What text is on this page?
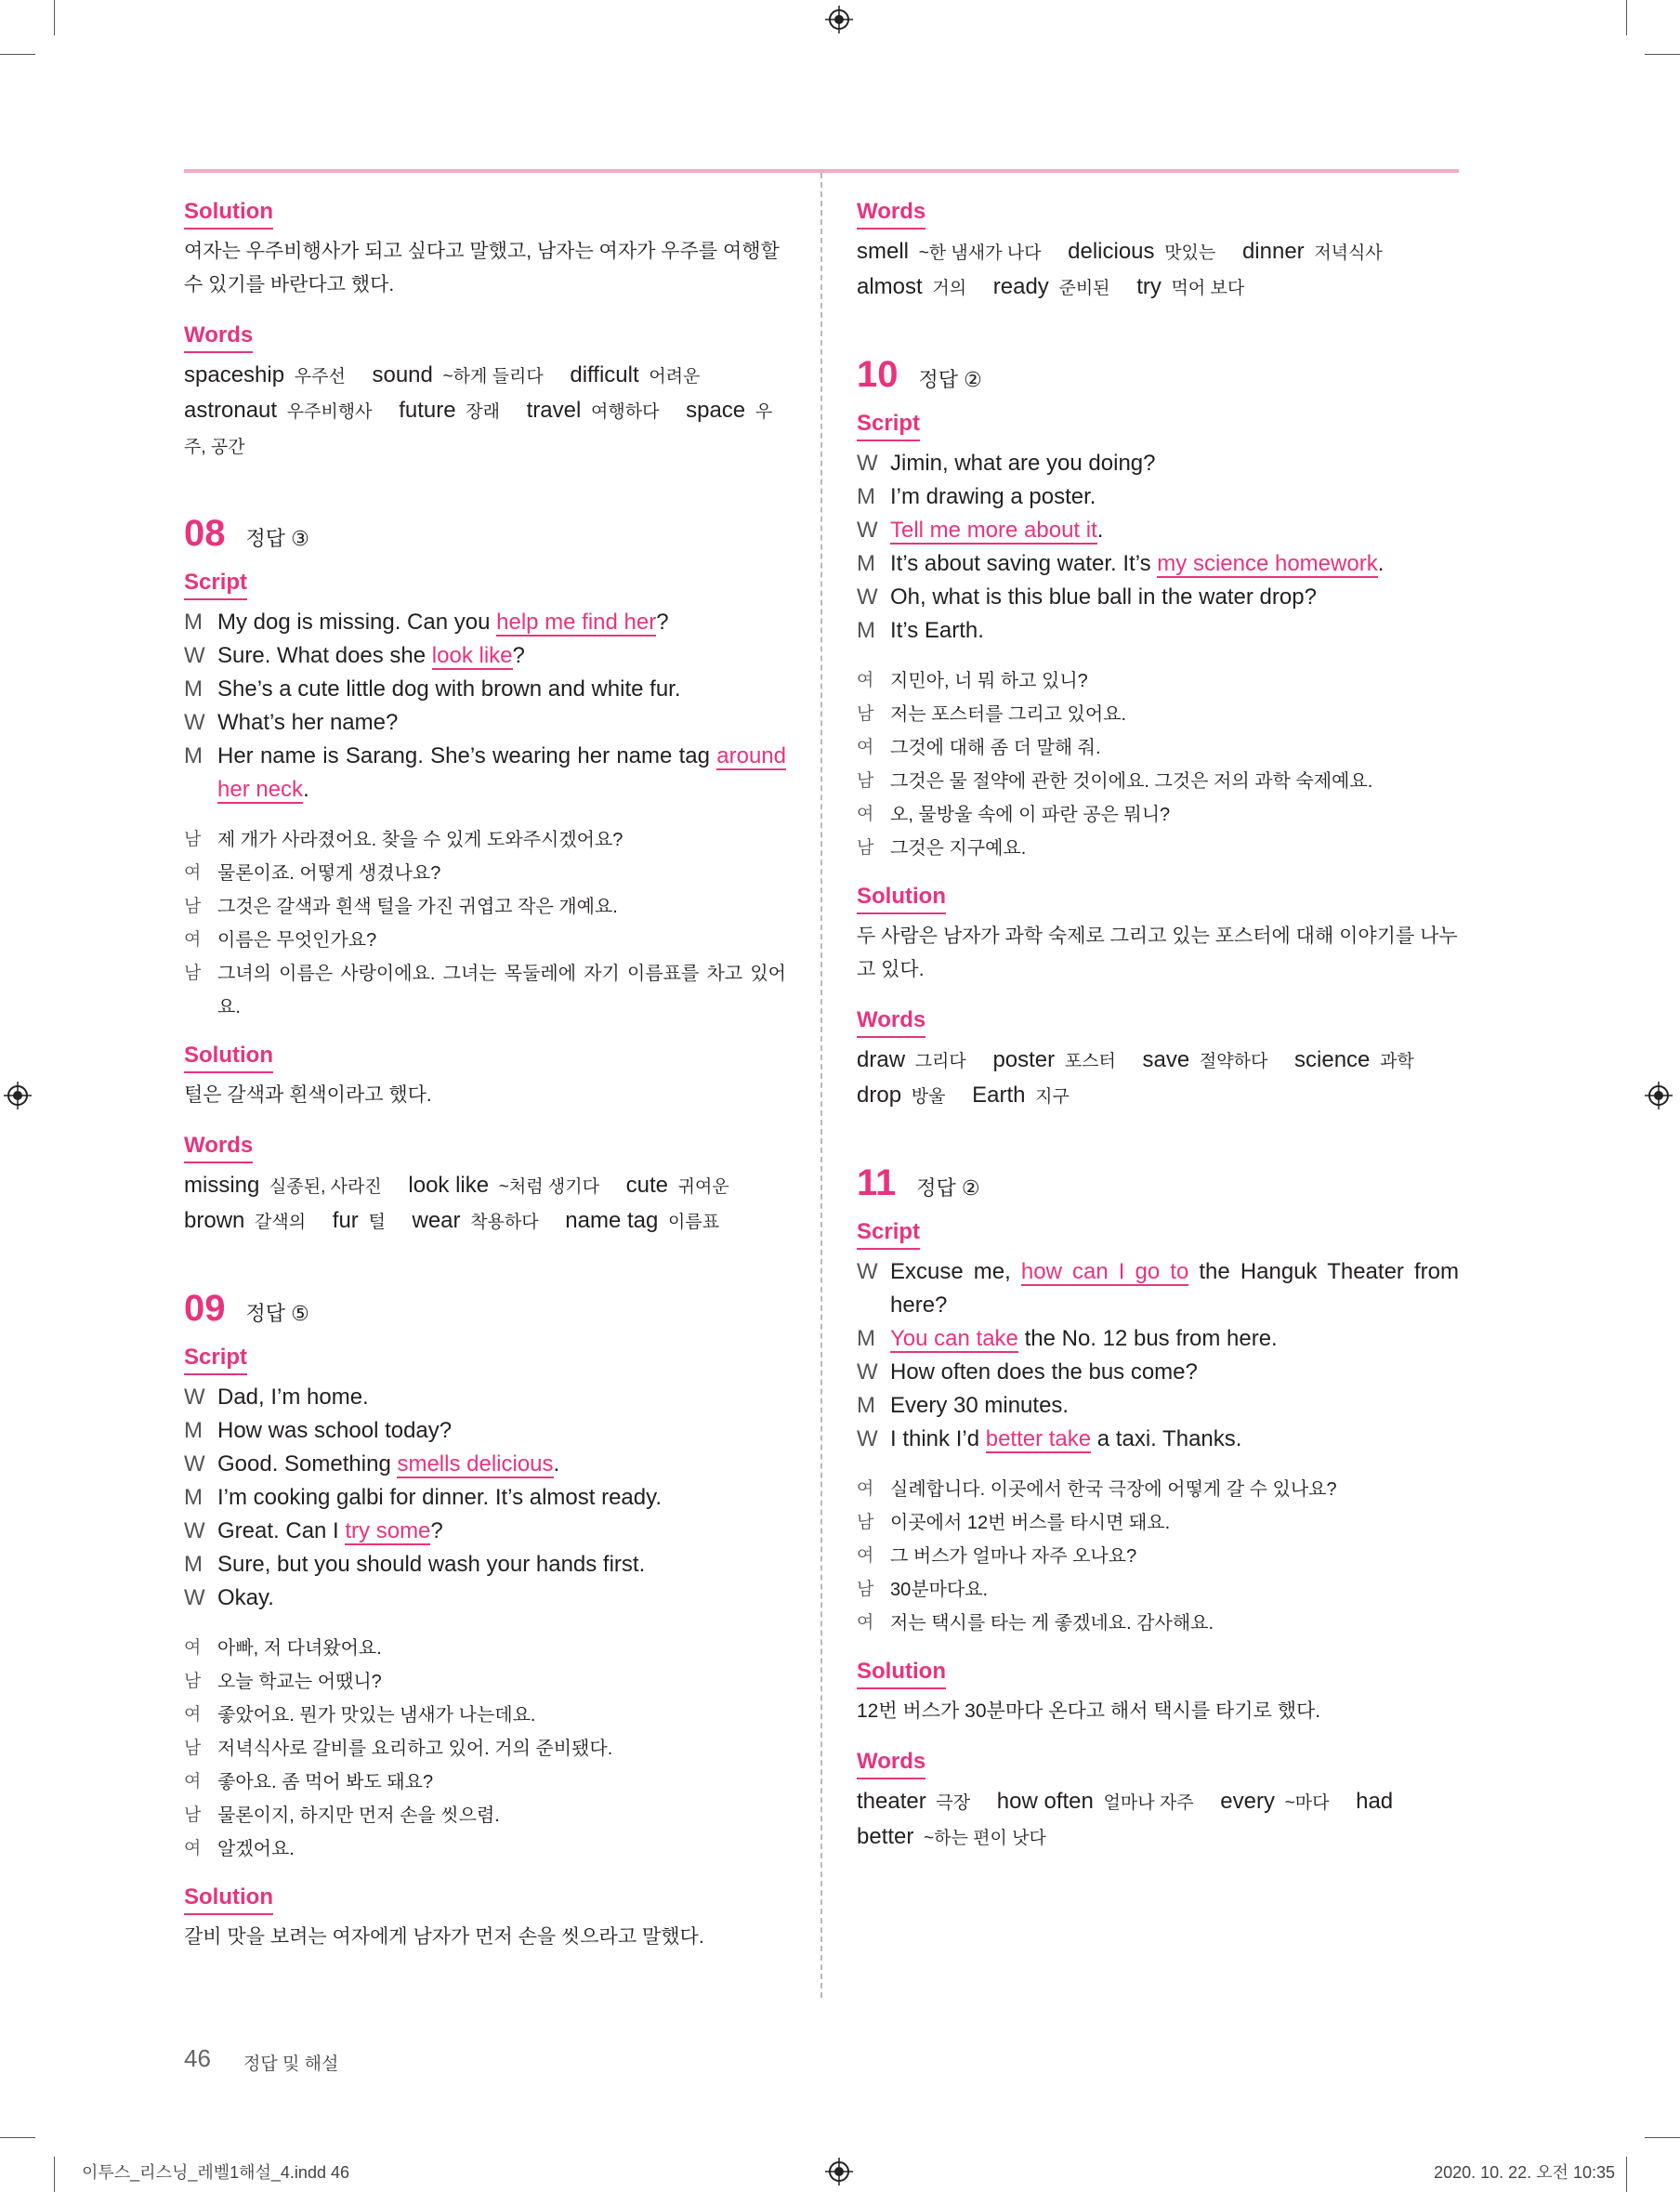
Solution
여자는 우주비행사가 되고 싶다고 말했고, 남자는 여자가 우주를 여행할 수 있기를 바란다고 했다.
Words
spaceship 우주선 sound ~하게 들리다 difficult 어려운 astronaut 우주비행사 future 장래 travel 여행하다 space 우주, 공간
08 정답 ③
Script
M My dog is missing. Can you help me find her?
W Sure. What does she look like?
M She’s a cute little dog with brown and white fur.
W What’s her name?
M Her name is Sarang. She’s wearing her name tag around her neck.
남 제 개가 사라졌어요. 찾을 수 있게 도와주시겠어요?
여 물론이죠. 어떻게 생겼나요?
남 그것은 갈색과 흰색 털을 가진 귀엽고 작은 개예요.
여 이름은 무엇인가요?
남 그녀의 이름은 사랑이에요. 그녀는 목둘레에 자기 이름표를 차고 있어요.
Solution
털은 갈색과 흰색이라고 했다.
Words
missing 실종된, 사라진 look like ~처럼 생기다 cute 귀여운 brown 갈색의 fur 털 wear 착용하다 name tag 이름표
09 정답 ⑤
Script
W Dad, I’m home.
M How was school today?
W Good. Something smells delicious.
M I’m cooking galbi for dinner. It’s almost ready.
W Great. Can I try some?
M Sure, but you should wash your hands first.
W Okay.
여 아빠, 저 다녀왔어요.
남 오늘 학교는 어땠니?
여 좋았어요. 뭔가 맛있는 냄새가 나는데요.
남 저녁식사로 갈비를 요리하고 있어. 거의 준비됐다.
여 좋아요. 좀 먹어 봐도 돼요?
남 물론이지, 하지만 먼저 손을 씻으렴.
여 알겠어요.
Solution
갈비 맛을 보려는 여자에게 남자가 먼저 손을 씻으라고 말했다.
Words
smell ~한 냄새가 나다 delicious 맛있는 dinner 저녁식사 almost 거의 ready 준비된 try 먹어 보다
10 정답 ②
Script
W Jimin, what are you doing?
M I’m drawing a poster.
W Tell me more about it.
M It’s about saving water. It’s my science homework.
W Oh, what is this blue ball in the water drop?
M It’s Earth.
여 지민아, 너 뭐 하고 있니?
남 저는 포스터를 그리고 있어요.
여 그것에 대해 좀 더 말해 줘.
남 그것은 물 절약에 관한 것이에요. 그것은 저의 과학 숙제예요.
여 오, 물방울 속에 이 파란 공은 뭐니?
남 그것은 지구예요.
Solution
두 사람은 남자가 과학 숙제로 그리고 있는 포스터에 대해 이야기를 나누고 있다.
Words
draw 그리다 poster 포스터 save 절약하다 science 과학 drop 방울 Earth 지구
11 정답 ②
Script
W Excuse me, how can I go to the Hanguk Theater from here?
M You can take the No. 12 bus from here.
W How often does the bus come?
M Every 30 minutes.
W I think I’d better take a taxi. Thanks.
여 실례합니다. 이곳에서 한국 극장에 어떻게 갈 수 있나요?
남 이곳에서 12번 버스를 타시면 돼요.
여 그 버스가 얼마나 자주 오나요?
남 30분마다요.
여 저는 택시를 타는 게 좋겠네요. 감사해요.
Solution
12번 버스가 30분마다 온다고 해서 택시를 타기로 했다.
Words
theater 극장 how often 얼마나 자주 every ~마다 had better ~하는 편이 낫다
46 정답 및 해설
이투스_리스닝_레벨1해설_4.indd 46	2020. 10. 22. 오전 10:35
